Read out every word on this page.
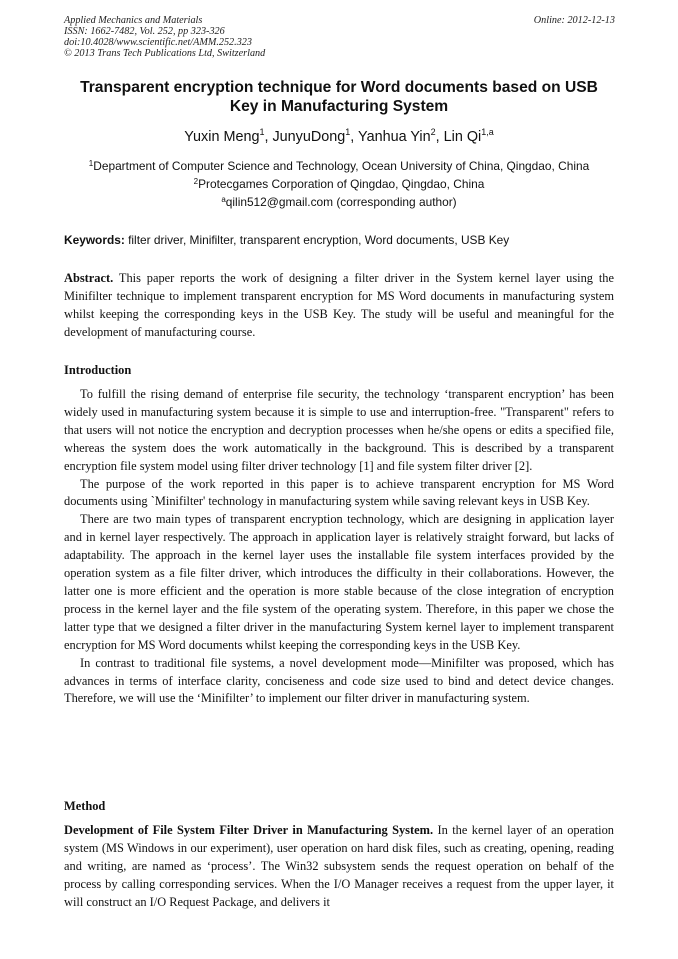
Applied Mechanics and Materials
ISSN: 1662-7482, Vol. 252, pp 323-326
doi:10.4028/www.scientific.net/AMM.252.323
© 2013 Trans Tech Publications Ltd, Switzerland
Online: 2012-12-13
Transparent encryption technique for Word documents based on USB
Key in Manufacturing System
Yuxin Meng$^1$, JunyuDong$^1$, Yanhua Yin$^2$, Lin Qi$^{1,a}$
$^1$Department of Computer Science and Technology, Ocean University of China, Qingdao, China
$^2$Protecgames Corporation of Qingdao, Qingdao, China
$^a$qilin512@gmail.com (corresponding author)
Keywords: filter driver, Minifilter, transparent encryption, Word documents, USB Key

Abstract. This paper reports the work of designing a filter driver in the System kernel layer using the Minifilter technique to implement transparent encryption for MS Word documents in manufacturing system whilst keeping the corresponding keys in the USB Key. The study will be useful and meaningful for the development of manufacturing course.

Introduction

To fulfill the rising demand of enterprise file security, the technology ‘transparent encryption’ has been widely used in manufacturing system because it is simple to use and interruption-free. "Transparent" refers to that users will not notice the encryption and decryption processes when he/she opens or edits a specified file, whereas the system does the work automatically in the background. This is described by a transparent encryption file system model using filter driver technology [1] and file system filter driver [2].

The purpose of the work reported in this paper is to achieve transparent encryption for MS Word documents using `Minifilter' technology in manufacturing system while saving relevant keys in USB Key.

There are two main types of transparent encryption technology, which are designing in application layer and in kernel layer respectively. The approach in application layer is relatively straight forward, but lacks of adaptability. The approach in the kernel layer uses the installable file system interfaces provided by the operation system as a file filter driver, which introduces the difficulty in their collaborations. However, the latter one is more efficient and the operation is more stable because of the close integration of encryption process in the kernel layer and the file system of the operating system. Therefore, in this paper we chose the latter type that we designed a filter driver in the manufacturing System kernel layer to implement transparent encryption for MS Word documents whilst keeping the corresponding keys in the USB Key.

In contrast to traditional file systems, a novel development mode—Minifilter was proposed, which has advances in terms of interface clarity, conciseness and code size used to bind and detect device changes. Therefore, we will use the ‘Minifilter’ to implement our filter driver in manufacturing system.

Method

Development of File System Filter Driver in Manufacturing System. In the kernel layer of an operation system (MS Windows in our experiment), user operation on hard disk files, such as creating, opening, reading and writing, are named as ‘process’. The Win32 subsystem sends the request operation on behalf of the process by calling corresponding services. When the I/O Manager receives a request from the upper layer, it will construct an I/O Request Package, and delivers it
